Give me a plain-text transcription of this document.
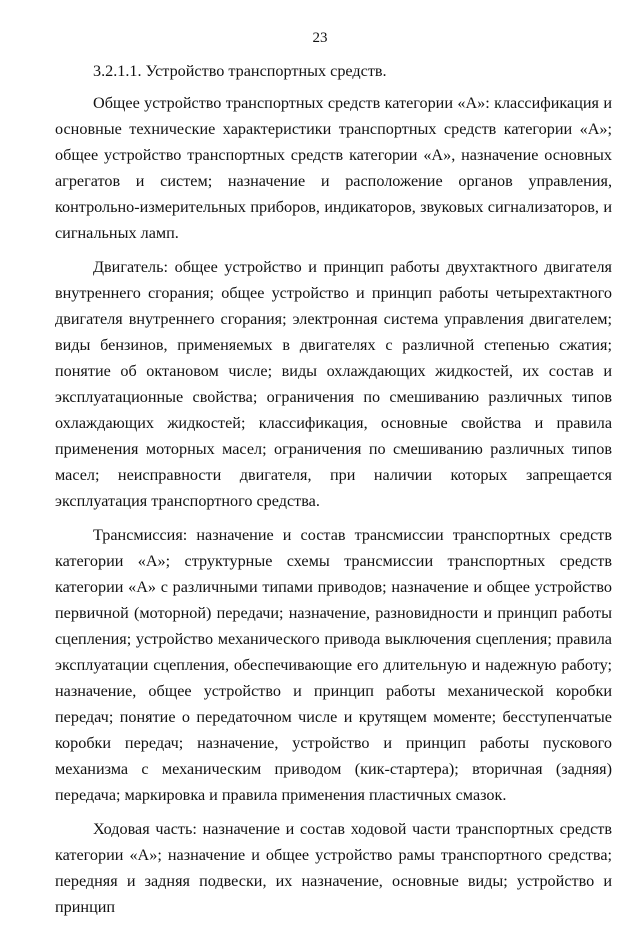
23

3.2.1.1. Устройство транспортных средств.

Общее устройство транспортных средств категории «А»: классификация и основные технические характеристики транспортных средств категории «А»; общее устройство транспортных средств категории «А», назначение основных агрегатов и систем; назначение и расположение органов управления, контрольно-измерительных приборов, индикаторов, звуковых сигнализаторов, и сигнальных ламп.

Двигатель: общее устройство и принцип работы двухтактного двигателя внутреннего сгорания; общее устройство и принцип работы четырехтактного двигателя внутреннего сгорания; электронная система управления двигателем; виды бензинов, применяемых в двигателях с различной степенью сжатия; понятие об октановом числе; виды охлаждающих жидкостей, их состав и эксплуатационные свойства; ограничения по смешиванию различных типов охлаждающих жидкостей; классификация, основные свойства и правила применения моторных масел; ограничения по смешиванию различных типов масел; неисправности двигателя, при наличии которых запрещается эксплуатация транспортного средства.

Трансмиссия: назначение и состав трансмиссии транспортных средств категории «А»; структурные схемы трансмиссии транспортных средств категории «А» с различными типами приводов; назначение и общее устройство первичной (моторной) передачи; назначение, разновидности и принцип работы сцепления; устройство механического привода выключения сцепления; правила эксплуатации сцепления, обеспечивающие его длительную и надежную работу; назначение, общее устройство и принцип работы механической коробки передач; понятие о передаточном числе и крутящем моменте; бесступенчатые коробки передач; назначение, устройство и принцип работы пускового механизма с механическим приводом (кик-стартера); вторичная (задняя) передача; маркировка и правила применения пластичных смазок.

Ходовая часть: назначение и состав ходовой части транспортных средств категории «А»; назначение и общее устройство рамы транспортного средства; передняя и задняя подвески, их назначение, основные виды; устройство и принцип
